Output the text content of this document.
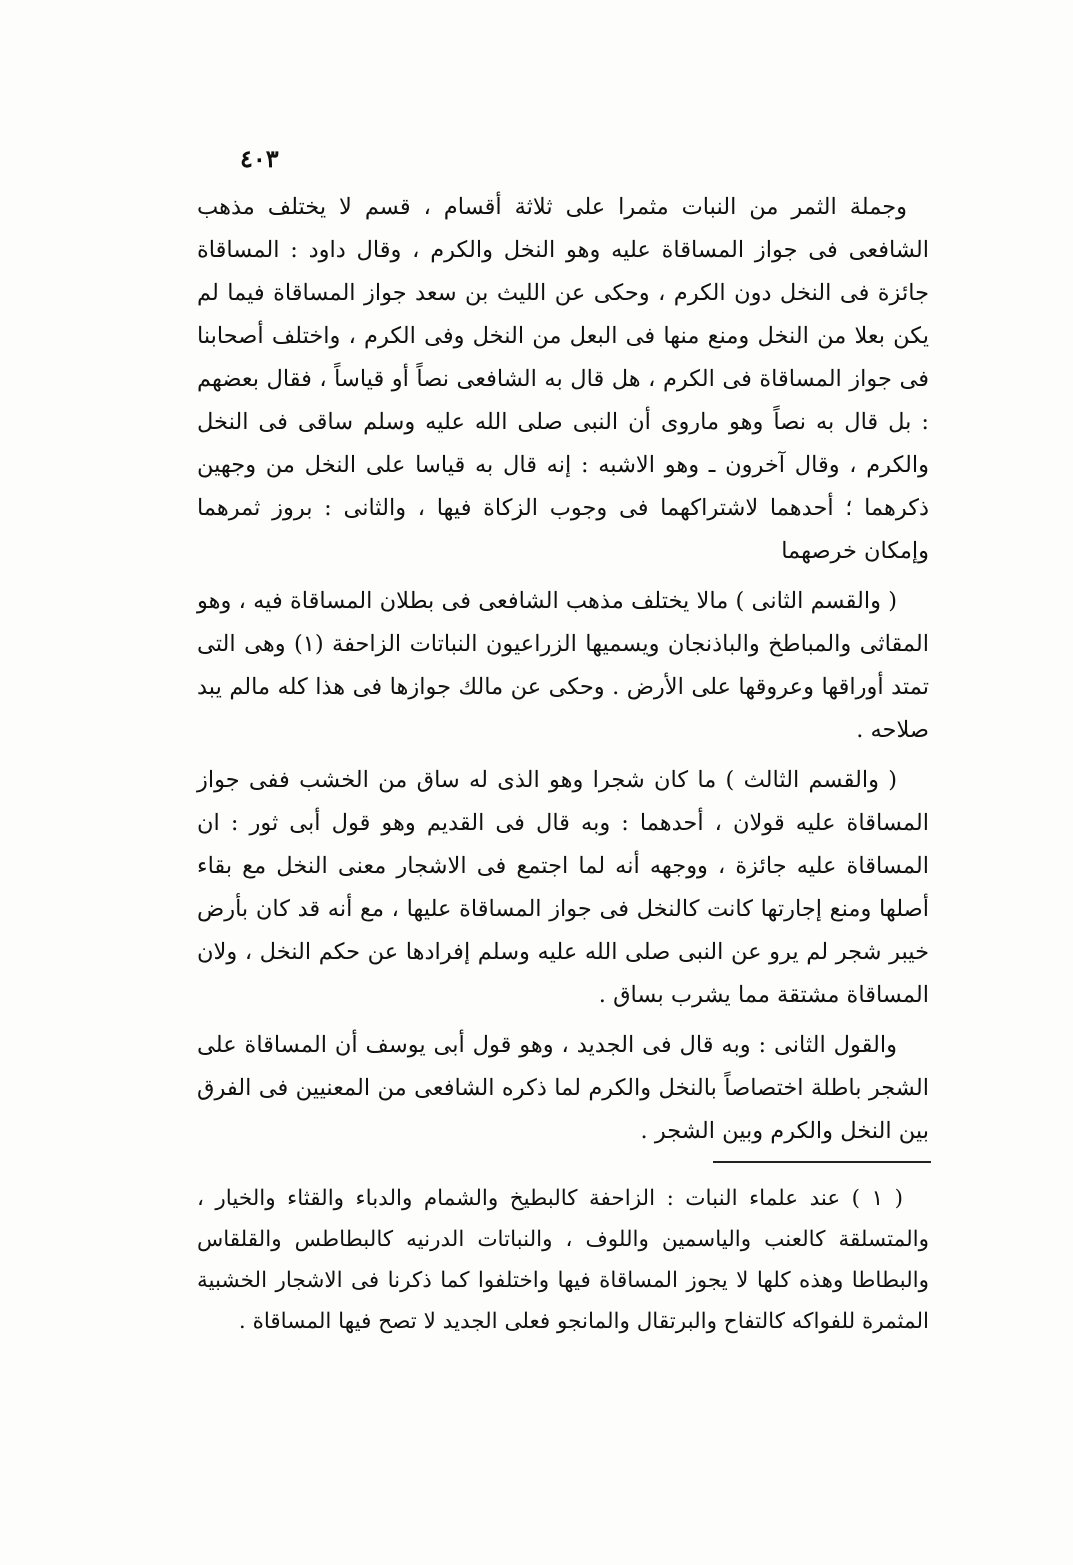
٤٠٣

وجملة الثمر من النبات مثمرا على ثلاثة أقسام ، قسم لا يختلف مذهب الشافعى فى جواز المساقاة عليه وهو النخل والكرم ، وقال داود : المساقاة جائزة فى النخل دون الكرم ، وحكى عن الليث بن سعد جواز المساقاة فيما لم يكن بعلا من النخل ومنع منها فى البعل من النخل وفى الكرم ، واختلف أصحابنا فى جواز المساقاة فى الكرم ، هل قال به الشافعى نصاً أو قياساً ، فقال بعضهم : بل قال به نصاً وهو ماروى أن النبى صلى الله عليه وسلم ساقى فى النخل والكرم ، وقال آخرون ـ وهو الاشبه : إنه قال به قياسا على النخل من وجهين ذكرهما ؛ أحدهما لاشتراكهما فى وجوب الزكاة فيها ، والثانى : بروز ثمرهما وإمكان خرصهما

( والقسم الثانى ) مالا يختلف مذهب الشافعى فى بطلان المساقاة فيه ، وهو المقاثى والمباطخ والباذنجان ويسميها الزراعيون النباتات الزاحفة (١) وهى التى تمتد أوراقها وعروقها على الأرض . وحكى عن مالك جوازها فى هذا كله مالم يبد صلاحه .

( والقسم الثالث ) ما كان شجرا وهو الذى له ساق من الخشب ففى جواز المساقاة عليه قولان ، أحدهما : وبه قال فى القديم وهو قول أبى ثور : ان المساقاة عليه جائزة ، ووجهه أنه لما اجتمع فى الاشجار معنى النخل مع بقاء أصلها ومنع إجارتها كانت كالنخل فى جواز المساقاة عليها ، مع أنه قد كان بأرض خيبر شجر لم يرو عن النبى صلى الله عليه وسلم إفرادها عن حكم النخل ، ولان المساقاة مشتقة مما يشرب بساق .

والقول الثانى : وبه قال فى الجديد ، وهو قول أبى يوسف أن المساقاة على الشجر باطلة اختصاصاً بالنخل والكرم لما ذكره الشافعى من المعنيين فى الفرق بين النخل والكرم وبين الشجر .

( ١ ) عند علماء النبات : الزاحفة كالبطيخ والشمام والدباء والقثاء والخيار ، والمتسلقة كالعنب والياسمين واللوف ، والنباتات الدرنيه كالبطاطس والقلقاس والبطاطا وهذه كلها لا يجوز المساقاة فيها واختلفوا كما ذكرنا فى الاشجار الخشبية المثمرة للفواكه كالتفاح والبرتقال والمانجو فعلى الجديد لا تصح فيها المساقاة .
